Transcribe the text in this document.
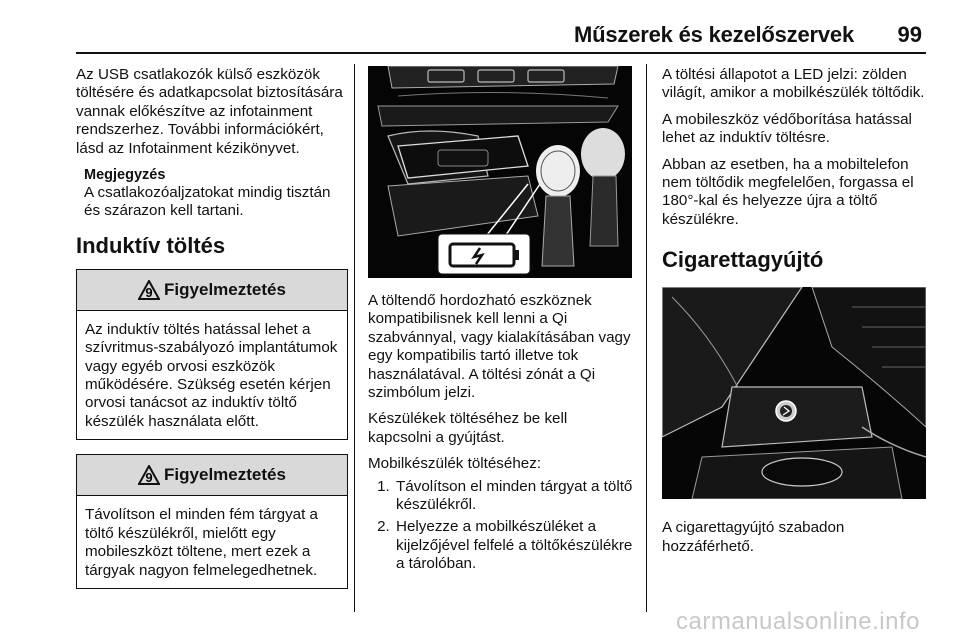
Műszerek és kezelőszervek 99

Az USB csatlakozók külső eszközök töltésére és adatkapcsolat biztosítására vannak előkészítve az infotainment rendszerhez. További információkért, lásd az Infotainment kézikönyvet.

Megjegyzés
A csatlakozóaljzatokat mindig tisztán és szárazon kell tartani.
Induktív töltés
9 Figyelmeztetés
Az induktív töltés hatással lehet a szívritmus-szabályozó implantátumok vagy egyéb orvosi eszközök működésére. Szükség esetén kérjen orvosi tanácsot az induktív töltő készülék használata előtt.
9 Figyelmeztetés
Távolítson el minden fém tárgyat a töltő készülékről, mielőtt egy mobileszközt töltene, mert ezek a tárgyak nagyon felmelegedhetnek.

A töltendő hordozható eszköznek kompatibilisnek kell lenni a Qi szabvánnyal, vagy kialakításában vagy egy kompatibilis tartó illetve tok használatával. A töltési zónát a Qi szimbólum jelzi.

Készülékek töltéséhez be kell kapcsolni a gyújtást.

Mobilkészülék töltéséhez:

1. Távolítson el minden tárgyat a töltő készülékről.
2. Helyezze a mobilkészüléket a kijelzőjével felfelé a töltőkészülékre a tárolóban.

A töltési állapotot a LED jelzi: zölden világít, amikor a mobilkészülék töltődik.

A mobileszköz védőborítása hatással lehet az induktív töltésre.

Abban az esetben, ha a mobiltelefon nem töltődik megfelelően, forgassa el 180°-kal és helyezze újra a töltő készülékre.

Cigarettagyújtó

A cigarettagyújtó szabadon hozzáférhető.

carmanualsonline.info
